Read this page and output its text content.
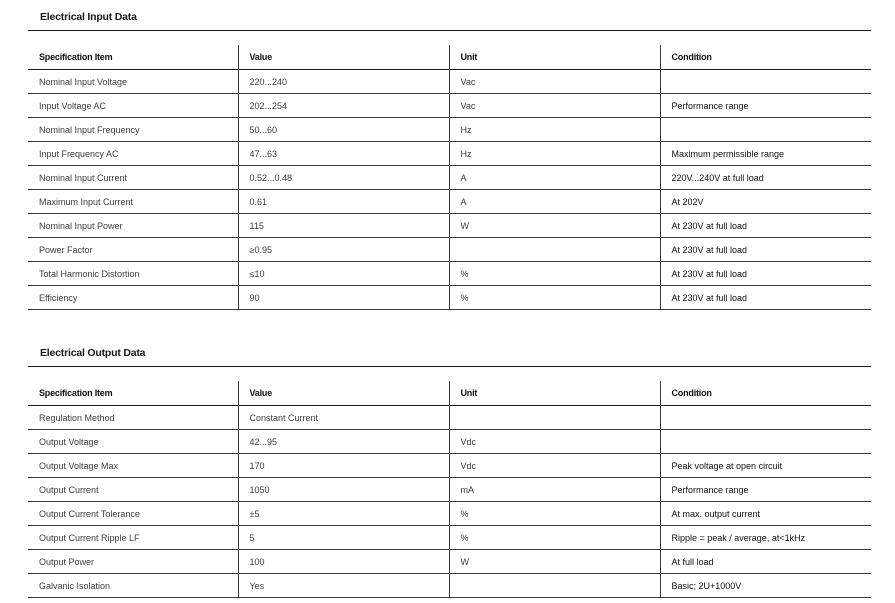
Electrical Input Data
Specification Item	Value	Unit	Condition
Nominal Input Voltage	220...240	Vac	
Input Voltage AC	202...254	Vac	Performance range
Nominal Input Frequency	50...60	Hz	
Input Frequency AC	47...63	Hz	Maximum permissible range
Nominal Input Current	0.52...0.48	A	220V...240V at full load
Maximum Input Current	0.61	A	At 202V
Nominal Input Power	115	W	At 230V at full load
Power Factor	≥0.95		At 230V at full load
Total Harmonic Distortion	≤10	%	At 230V at full load
Efficiency	90	%	At 230V at full load
Electrical Output Data
Specification Item	Value	Unit	Condition
Regulation Method	Constant Current		
Output Voltage	42...95	Vdc	
Output Voltage Max	170	Vdc	Peak voltage at open circuit
Output Current	1050	mA	Performance range
Output Current Tolerance	±5	%	At max. output current
Output Current Ripple LF	5	%	Ripple = peak / average, at<1kHz
Output Power	100	W	At full load
Galvanic Isolation	Yes		Basic; 2U+1000V
